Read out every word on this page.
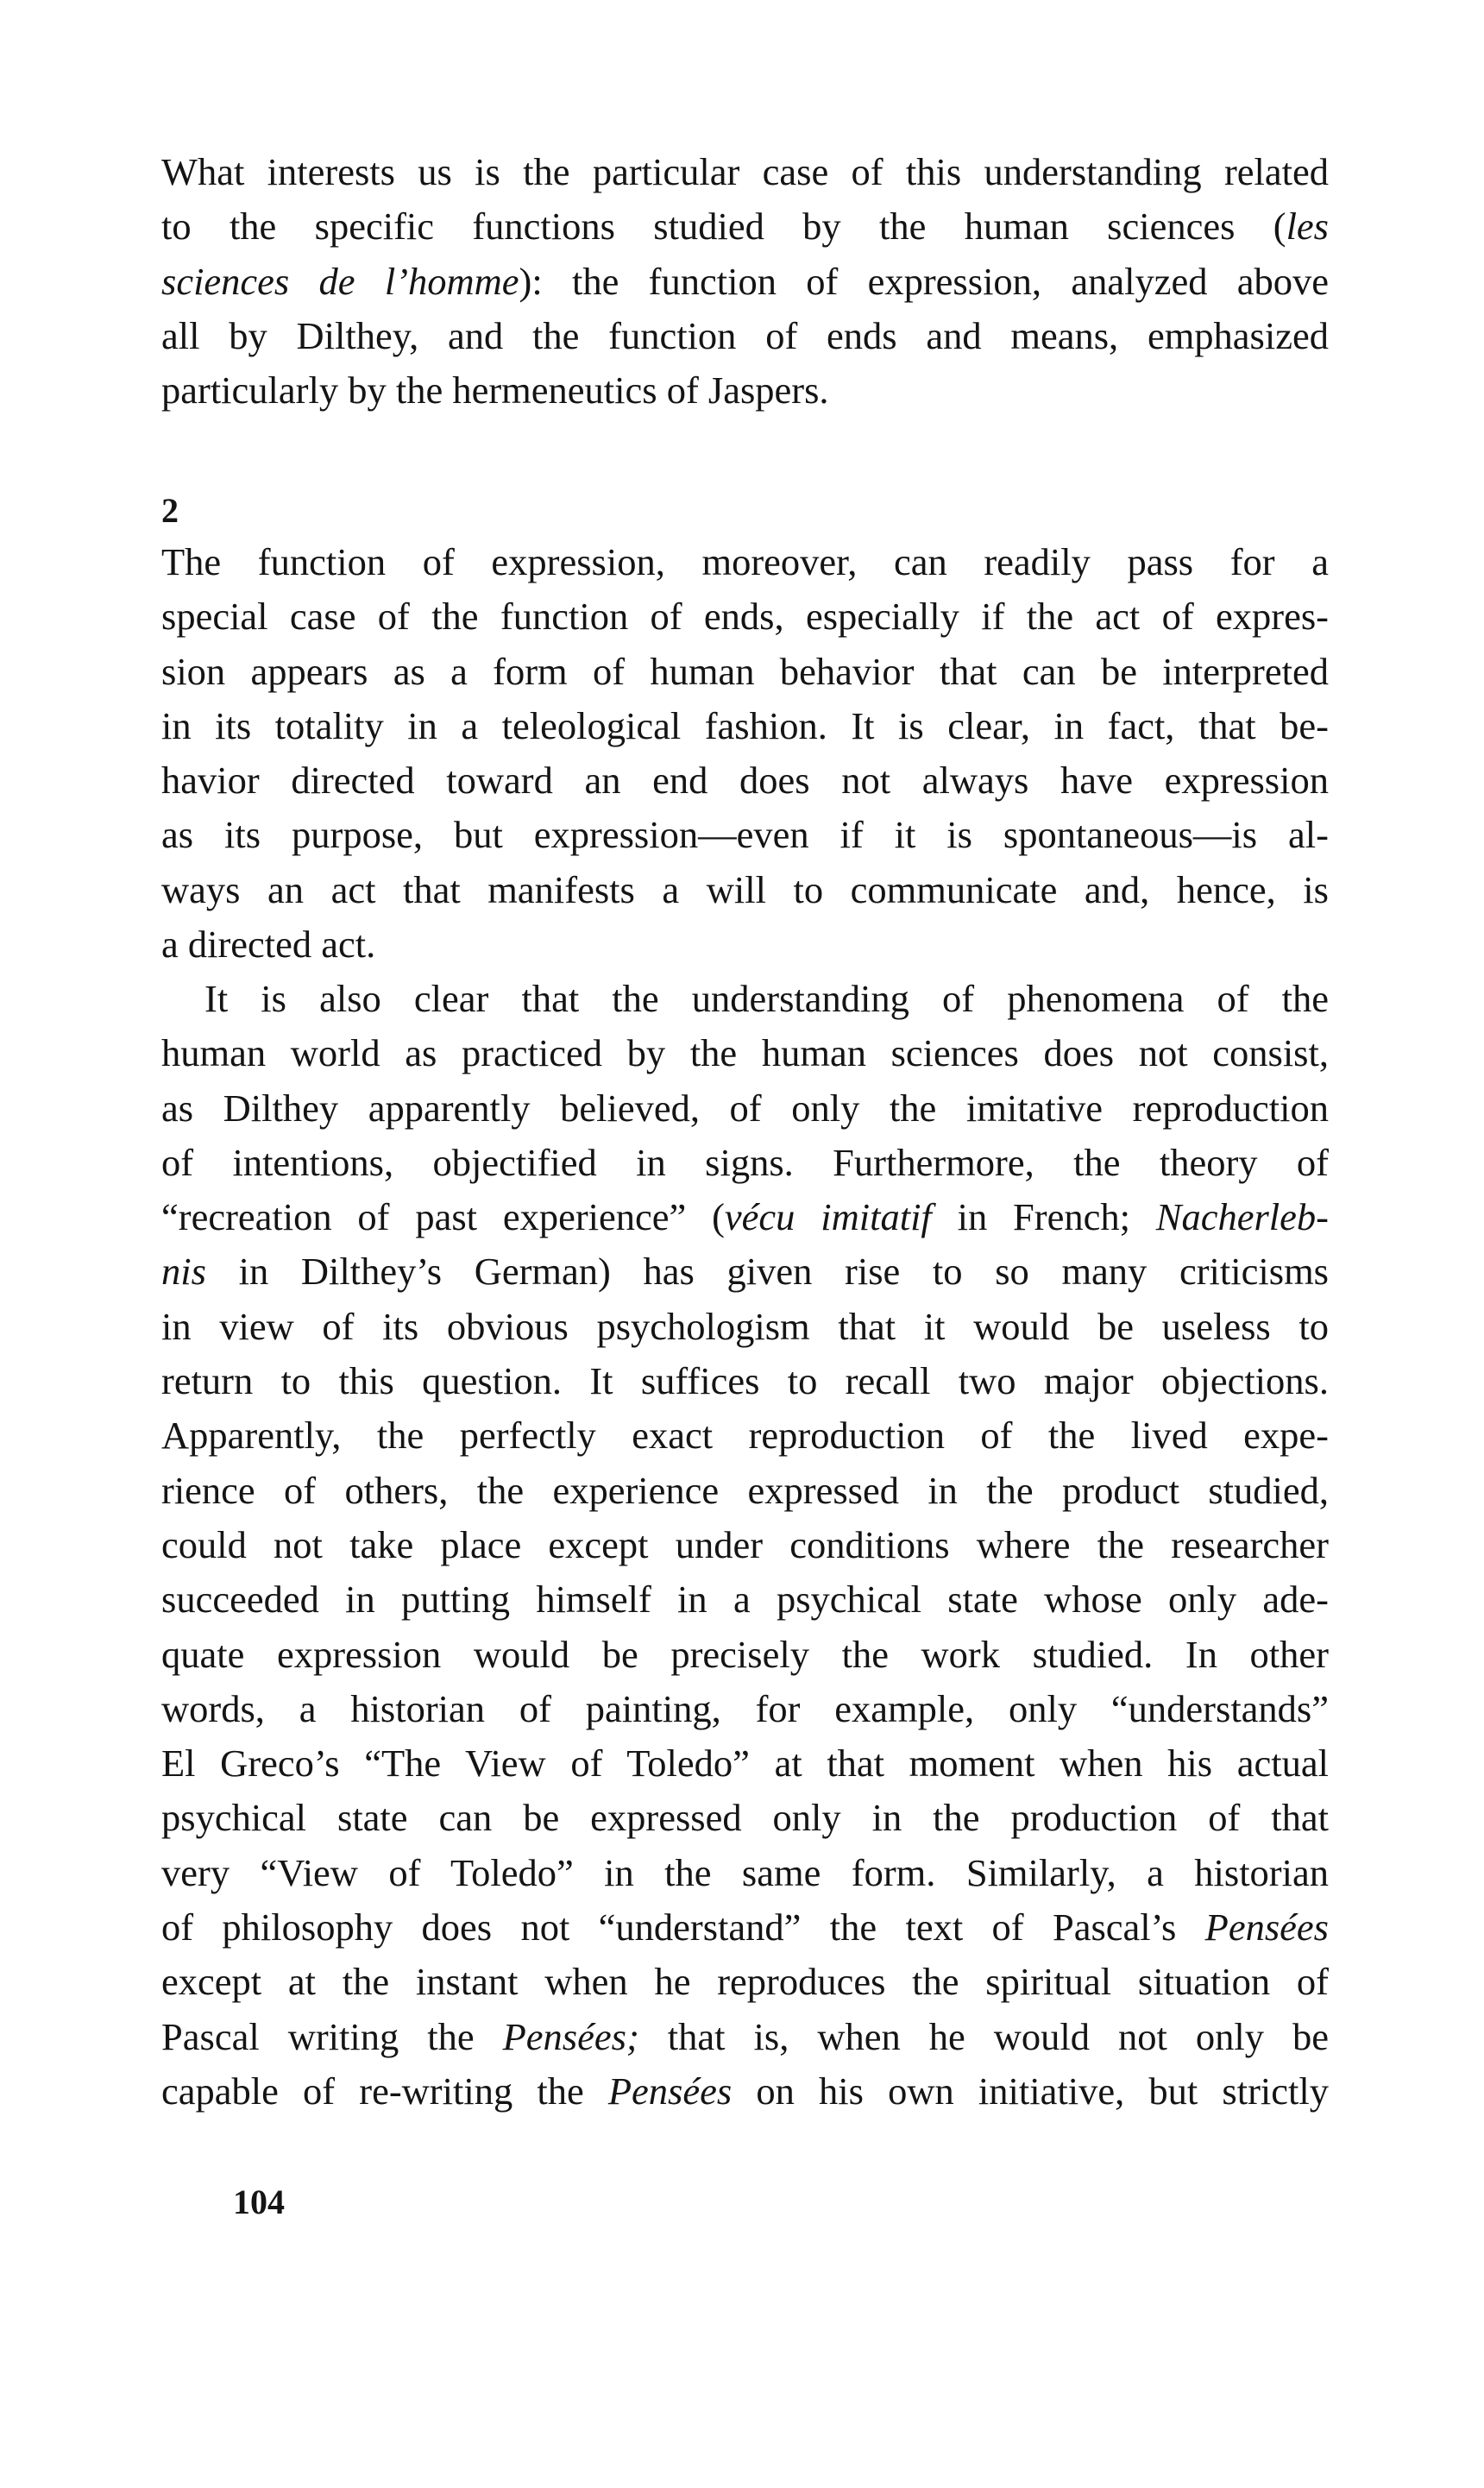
What interests us is the particular case of this understanding related
to the specific functions studied by the human sciences (les
sciences de l’homme): the function of expression, analyzed above
all by Dilthey, and the function of ends and means, emphasized
particularly by the hermeneutics of Jaspers.
2
The function of expression, moreover, can readily pass for a
special case of the function of ends, especially if the act of expres-
sion appears as a form of human behavior that can be interpreted
in its totality in a teleological fashion. It is clear, in fact, that be-
havior directed toward an end does not always have expression
as its purpose, but expression—even if it is spontaneous—is al-
ways an act that manifests a will to communicate and, hence, is
a directed act.
It is also clear that the understanding of phenomena of the
human world as practiced by the human sciences does not consist,
as Dilthey apparently believed, of only the imitative reproduction
of intentions, objectified in signs. Furthermore, the theory of
“recreation of past experience” (vécu imitatif in French; Nacherleb-
nis in Dilthey’s German) has given rise to so many criticisms
in view of its obvious psychologism that it would be useless to
return to this question. It suffices to recall two major objections.
Apparently, the perfectly exact reproduction of the lived expe-
rience of others, the experience expressed in the product studied,
could not take place except under conditions where the researcher
succeeded in putting himself in a psychical state whose only ade-
quate expression would be precisely the work studied. In other
words, a historian of painting, for example, only “understands”
El Greco’s “The View of Toledo” at that moment when his actual
psychical state can be expressed only in the production of that
very “View of Toledo” in the same form. Similarly, a historian
of philosophy does not “understand” the text of Pascal’s Pensées
except at the instant when he reproduces the spiritual situation of
Pascal writing the Pensées; that is, when he would not only be
capable of re-writing the Pensées on his own initiative, but strictly
104
